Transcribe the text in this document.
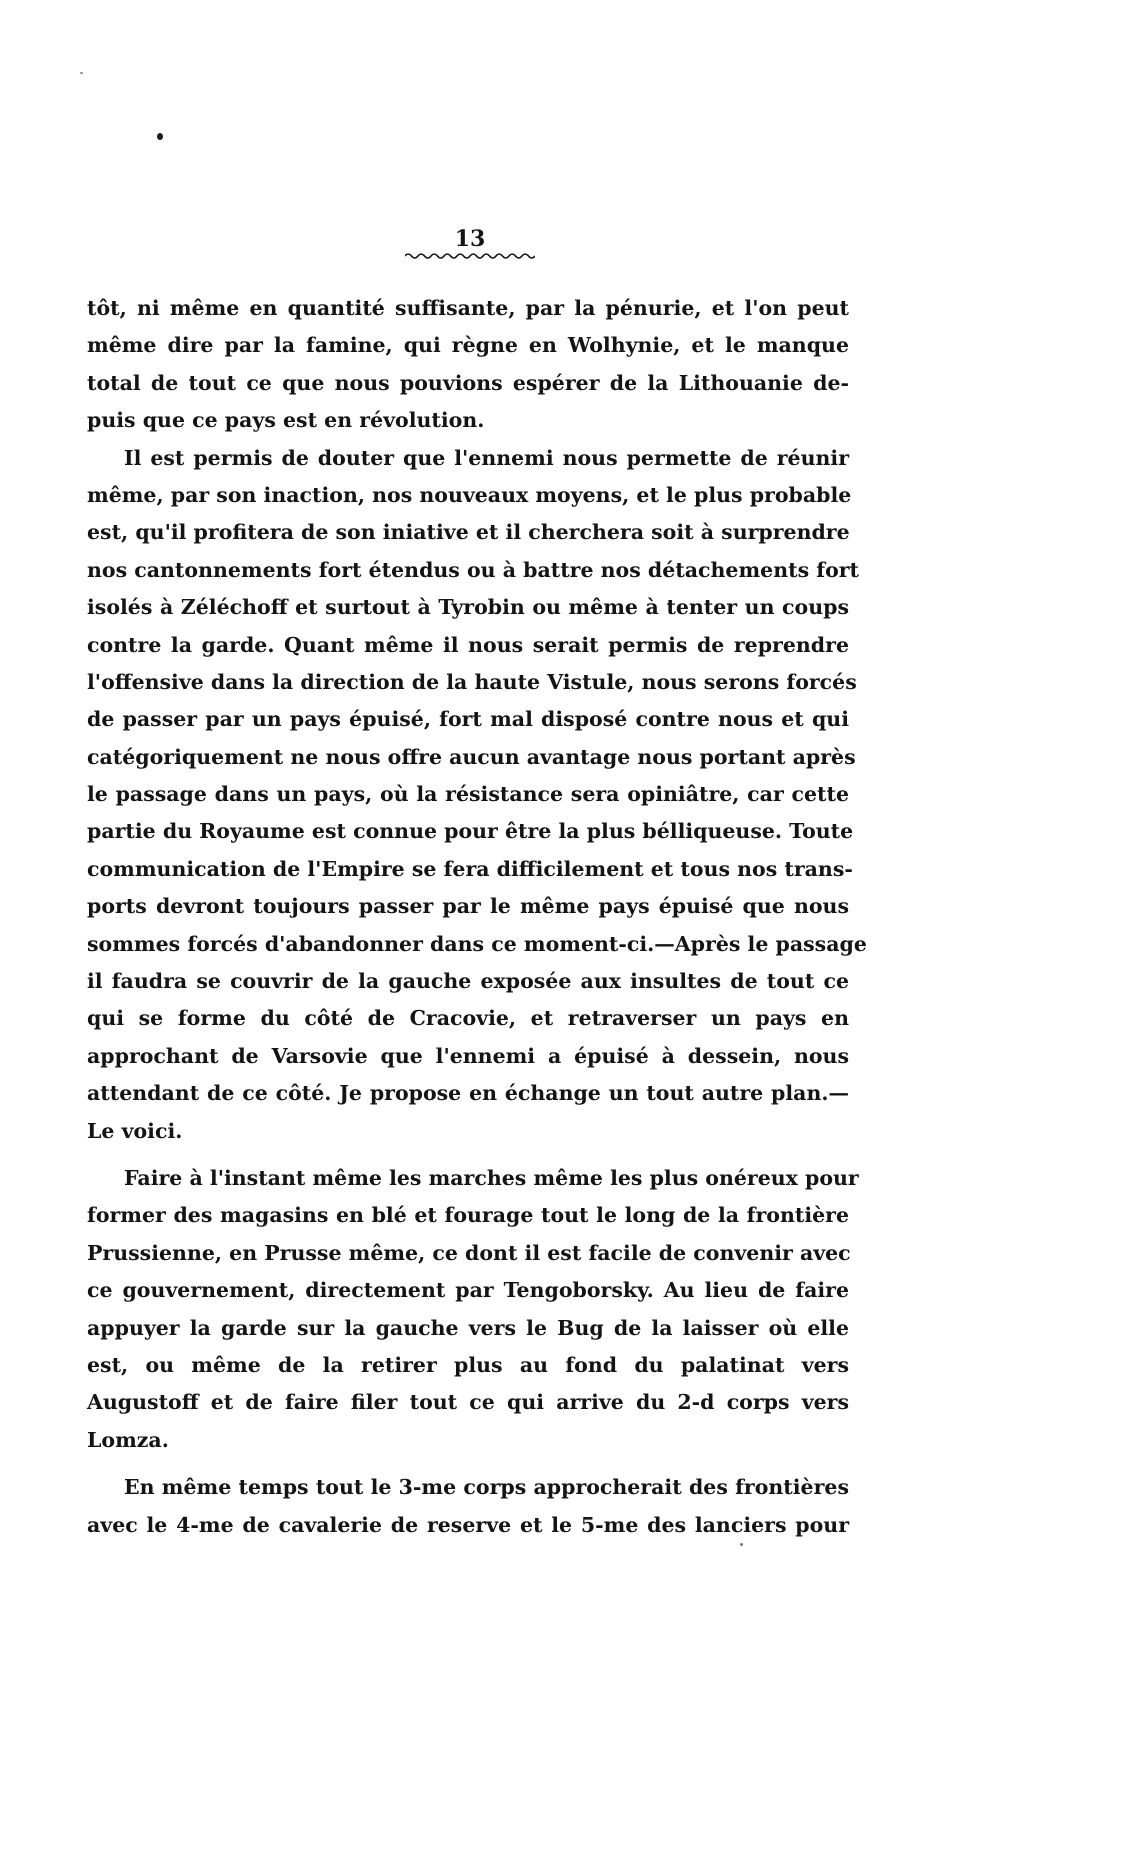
13

tôt, ni même en quantité suffisante, par la pénurie, et l'on peut
même dire par la famine, qui règne en Wolhynie, et le manque
total de tout ce que nous pouvions espérer de la Lithouanie de-
puis que ce pays est en révolution.

Il est permis de douter que l'ennemi nous permette de réunir
même, par son inaction, nos nouveaux moyens, et le plus probable
est, qu'il profitera de son iniative et il cherchera soit à surprendre
nos cantonnements fort étendus ou à battre nos détachements fort
isolés à Zéléchoff et surtout à Tyrobin ou même à tenter un coups
contre la garde. Quant même il nous serait permis de reprendre
l'offensive dans la direction de la haute Vistule, nous serons forcés
de passer par un pays épuisé, fort mal disposé contre nous et qui
catégoriquement ne nous offre aucun avantage nous portant après
le passage dans un pays, où la résistance sera opiniâtre, car cette
partie du Royaume est connue pour être la plus bélliqueuse. Toute
communication de l'Empire se fera difficilement et tous nos trans-
ports devront toujours passer par le même pays épuisé que nous
sommes forcés d'abandonner dans ce moment-ci.—Après le passage
il faudra se couvrir de la gauche exposée aux insultes de tout ce
qui se forme du côté de Cracovie, et retraverser un pays en
approchant de Varsovie que l'ennemi a épuisé à dessein, nous
attendant de ce côté. Je propose en échange un tout autre plan.—
Le voici.

Faire à l'instant même les marches même les plus onéreux pour
former des magasins en blé et fourage tout le long de la frontière
Prussienne, en Prusse même, ce dont il est facile de convenir avec
ce gouvernement, directement par Tengoborsky. Au lieu de faire
appuyer la garde sur la gauche vers le Bug de la laisser où elle
est, ou même de la retirer plus au fond du palatinat vers
Augustoff et de faire filer tout ce qui arrive du 2-d corps vers
Lomza.

En même temps tout le 3-me corps approcherait des frontières
avec le 4-me de cavalerie de reserve et le 5-me des lanciers pour
